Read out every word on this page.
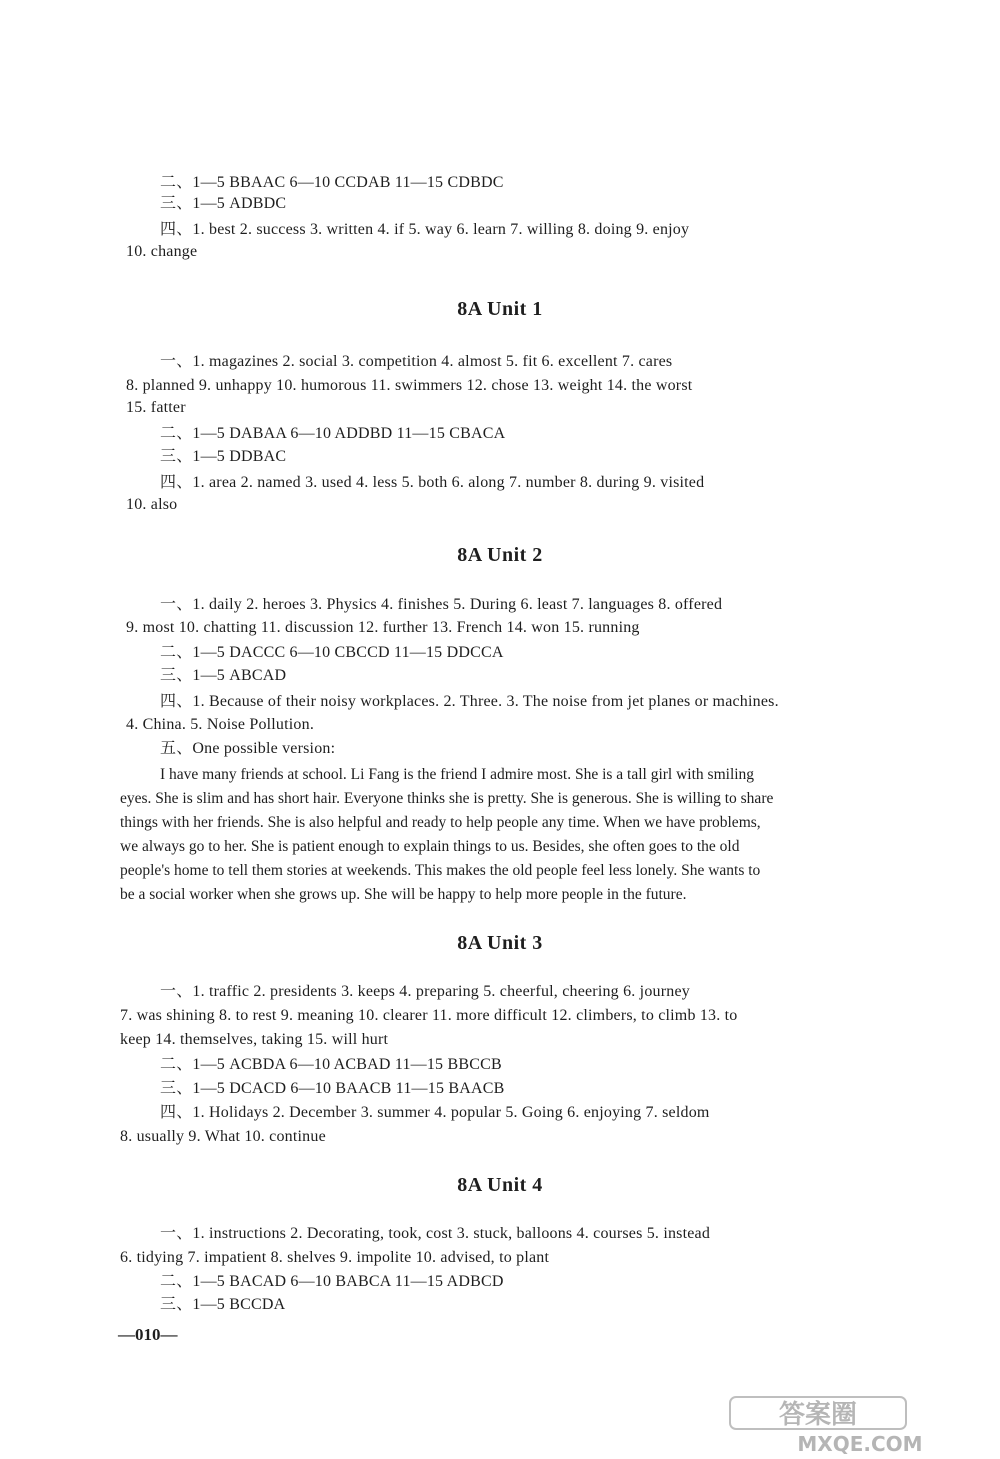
二、1—5 BBAAC 6—10 CCDAB 11—15 CDBDC
三、1—5 ADBDC
四、1. best 2. success 3. written 4. if 5. way 6. learn 7. willing 8. doing 9. enjoy
10. change
8A Unit 1
一、1. magazines 2. social 3. competition 4. almost 5. fit 6. excellent 7. cares
8. planned 9. unhappy 10. humorous 11. swimmers 12. chose 13. weight 14. the worst
15. fatter
二、1—5 DABAA 6—10 ADDBD 11—15 CBACA
三、1—5 DDBAC
四、1. area 2. named 3. used 4. less 5. both 6. along 7. number 8. during 9. visited
10. also
8A Unit 2
一、1. daily 2. heroes 3. Physics 4. finishes 5. During 6. least 7. languages 8. offered
9. most 10. chatting 11. discussion 12. further 13. French 14. won 15. running
二、1—5 DACCC 6—10 CBCCD 11—15 DDCCA
三、1—5 ABCAD
四、1. Because of their noisy workplaces. 2. Three. 3. The noise from jet planes or machines.
4. China. 5. Noise Pollution.
五、One possible version:
I have many friends at school. Li Fang is the friend I admire most. She is a tall girl with smiling
eyes. She is slim and has short hair. Everyone thinks she is pretty. She is generous. She is willing to share
things with her friends. She is also helpful and ready to help people any time. When we have problems,
we always go to her. She is patient enough to explain things to us. Besides, she often goes to the old
people's home to tell them stories at weekends. This makes the old people feel less lonely. She wants to
be a social worker when she grows up. She will be happy to help more people in the future.
8A Unit 3
一、1. traffic 2. presidents 3. keeps 4. preparing 5. cheerful, cheering 6. journey
7. was shining 8. to rest 9. meaning 10. clearer 11. more difficult 12. climbers, to climb 13. to
keep 14. themselves, taking 15. will hurt
二、1—5 ACBDA 6—10 ACBAD 11—15 BBCCB
三、1—5 DCACD 6—10 BAACB 11—15 BAACB
四、1. Holidays 2. December 3. summer 4. popular 5. Going 6. enjoying 7. seldom
8. usually 9. What 10. continue
8A Unit 4
一、1. instructions 2. Decorating, took, cost 3. stuck, balloons 4. courses 5. instead
6. tidying 7. impatient 8. shelves 9. impolite 10. advised, to plant
二、1—5 BACAD 6—10 BABCA 11—15 ADBCD
三、1—5 BCCDA
—010—
答案圈
MXQE.COM
